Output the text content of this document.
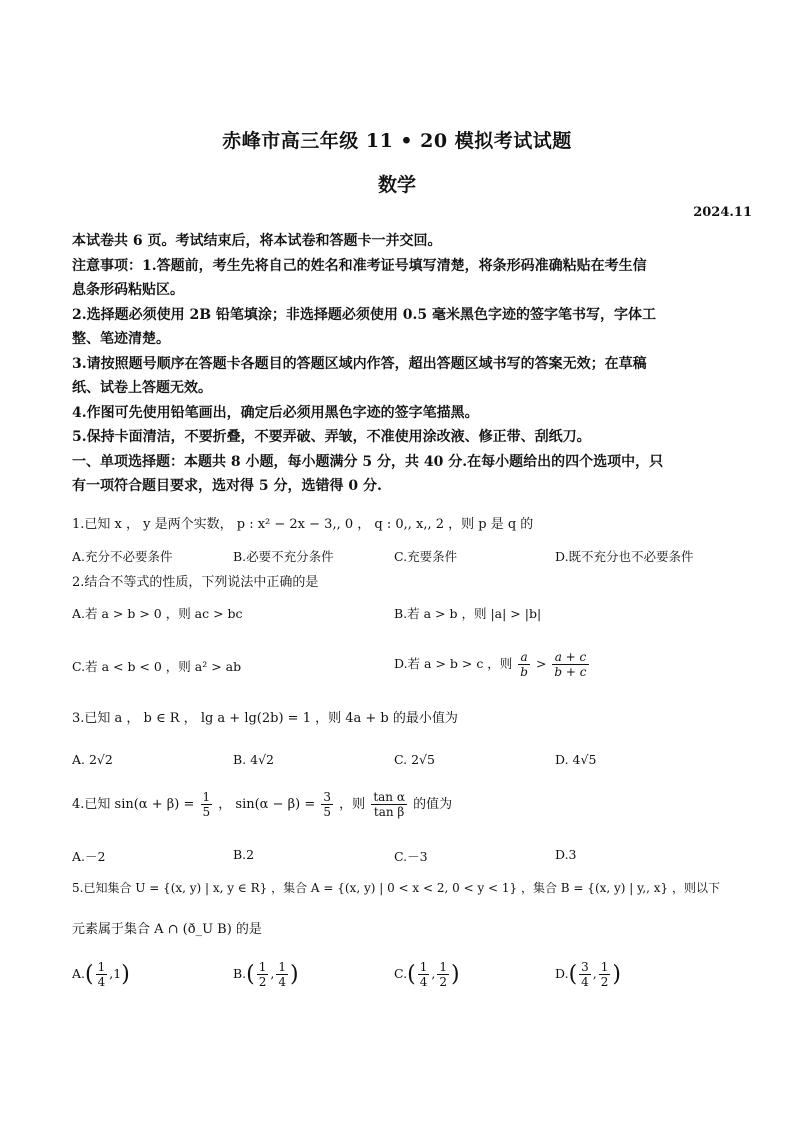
赤峰市高三年级 11 • 20 模拟考试试题
数学
2024.11
本试卷共 6 页。考试结束后，将本试卷和答题卡一并交回。
注意事项：1.答题前，考生先将自己的姓名和准考证号填写清楚，将条形码准确粘贴在考生信
息条形码粘贴区。
2.选择题必须使用 2B 铅笔填涂；非选择题必须使用 0.5 毫米黑色字迹的签字笔书写，字体工
整、笔迹清楚。
3.请按照题号顺序在答题卡各题目的答题区域内作答，超出答题区域书写的答案无效；在草稿
纸、试卷上答题无效。
4.作图可先使用铅笔画出，确定后必须用黑色字迹的签字笔描黑。
5.保持卡面清洁，不要折叠，不要弄破、弄皱，不准使用涂改液、修正带、刮纸刀。
一、单项选择题：本题共 8 小题，每小题满分 5 分，共 40 分.在每小题给出的四个选项中，只
有一项符合题目要求，选对得 5 分，选错得 0 分.
1.已知 x ， y 是两个实数， p : x² − 2x − 3,, 0 ， q : 0,, x,, 2 ，则 p 是 q 的
A.充分不必要条件	B.必要不充分条件	C.充要条件	D.既不充分也不必要条件
2.结合不等式的性质，下列说法中正确的是
A.若 a > b > 0 ，则 ac > bc	B.若 a > b ，则 |a| > |b|
C.若 a < b < 0 ，则 a² > ab	D.若 a > b > c ，则 $\frac{a}{b} > \frac{a + c}{b + c}$
3.已知 a ， b ∈ R ， lg a + lg(2b) = 1 ，则 4a + b 的最小值为
A. 2√2	B. 4√2	C. 2√5	D. 4√5
4.已知 $\sin(\alpha + \beta) = \frac{1}{5}$ ， $\sin(\alpha - \beta) = \frac{3}{5}$ ，则 $\frac{\text{tan α}}{\text{tan β}}$ 的值为
A.－2	B.2	C.－3	D.3
5.已知集合 U = {(x, y) | x, y ∈ R} ，集合 A = {(x, y) | 0 < x < 2, 0 < y < 1} ，集合 B = {(x, y) | y,, x} ，则以下
元素属于集合 A ∩ (ð_U B) 的是
$A.( \frac{1}{4} ,1)$	$B.( \frac{1}{2}$ , $\frac{1}{4}$ )	$C.( \frac{1}{4}$ , $\frac{1}{2}$ )	$D.( \frac{3}{4}$ , $\frac{1}{2}$ )
